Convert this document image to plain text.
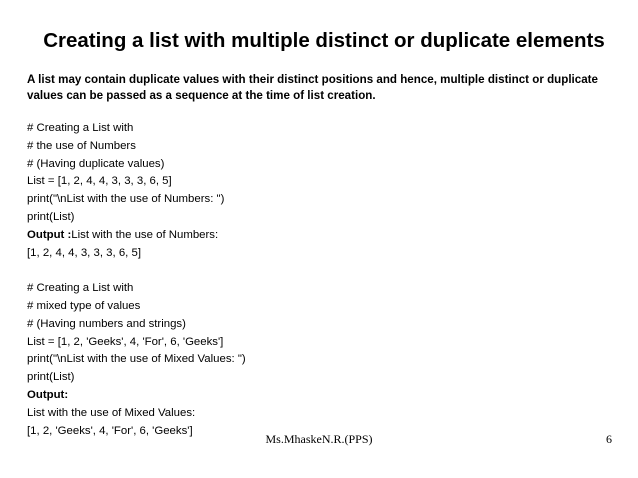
Creating a list with multiple distinct or duplicate elements
A list may contain duplicate values with their distinct positions and hence, multiple distinct or duplicate values can be passed as a sequence at the time of list creation.
# Creating a List with
# the use of Numbers
# (Having duplicate values)
List = [1, 2, 4, 4, 3, 3, 3, 6, 5]
print("\nList with the use of Numbers: ")
print(List)
Output :List with the use of Numbers:
[1, 2, 4, 4, 3, 3, 3, 6, 5]
# Creating a List with
# mixed type of values
# (Having numbers and strings)
List = [1, 2, 'Geeks', 4, 'For', 6, 'Geeks']
print("\nList with the use of Mixed Values: ")
print(List)
Output:
List with the use of Mixed Values:
[1, 2, 'Geeks', 4, 'For', 6, 'Geeks']
Ms.MhaskeN.R.(PPS)	6
